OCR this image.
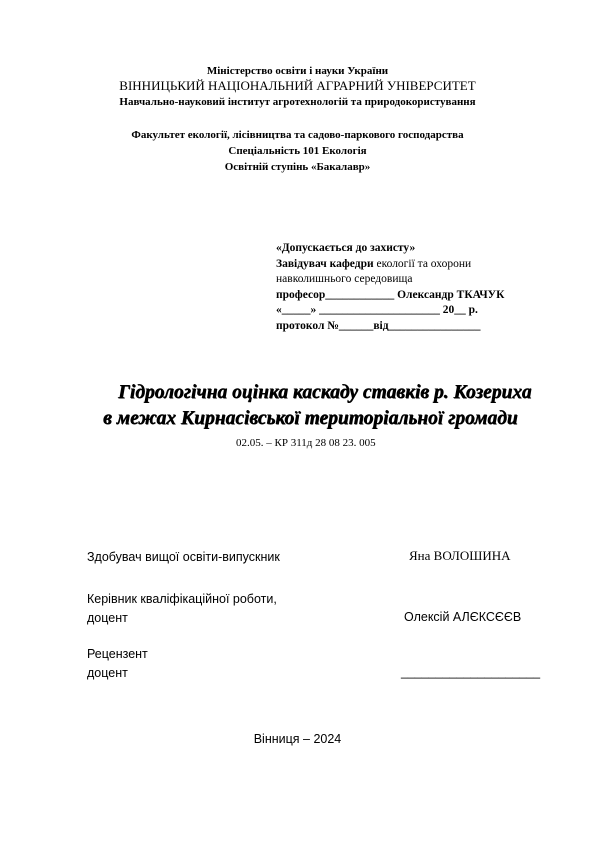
Міністерство освіти і науки України
ВІННИЦЬКИЙ НАЦІОНАЛЬНИЙ АГРАРНИЙ УНІВЕРСИТЕТ
Навчально-науковий інститут агротехнологій та природокористування
Факультет екології, лісівництва та садово-паркового господарства
Спеціальність 101 Екологія
Освітній ступінь «Бакалавр»
«Допускається до захисту»
Завідувач кафедри екології та охорони
навколишнього середовища
професор____________ Олександр ТКАЧУК
«_____» _____________________ 20__ р.
протокол №______від________________
Гідрологічна оцінка каскаду ставків р. Козериха
в межах Кирнасівської територіальної громади
02.05. – КР 311д 28 08 23. 005
Здобувач вищої освіти-випускник	Яна ВОЛОШИНА
Керівник кваліфікаційної роботи,
доцент	Олексій АЛЄКСЄЄВ
Рецензент
доцент	____________________
Вінниця – 2024
